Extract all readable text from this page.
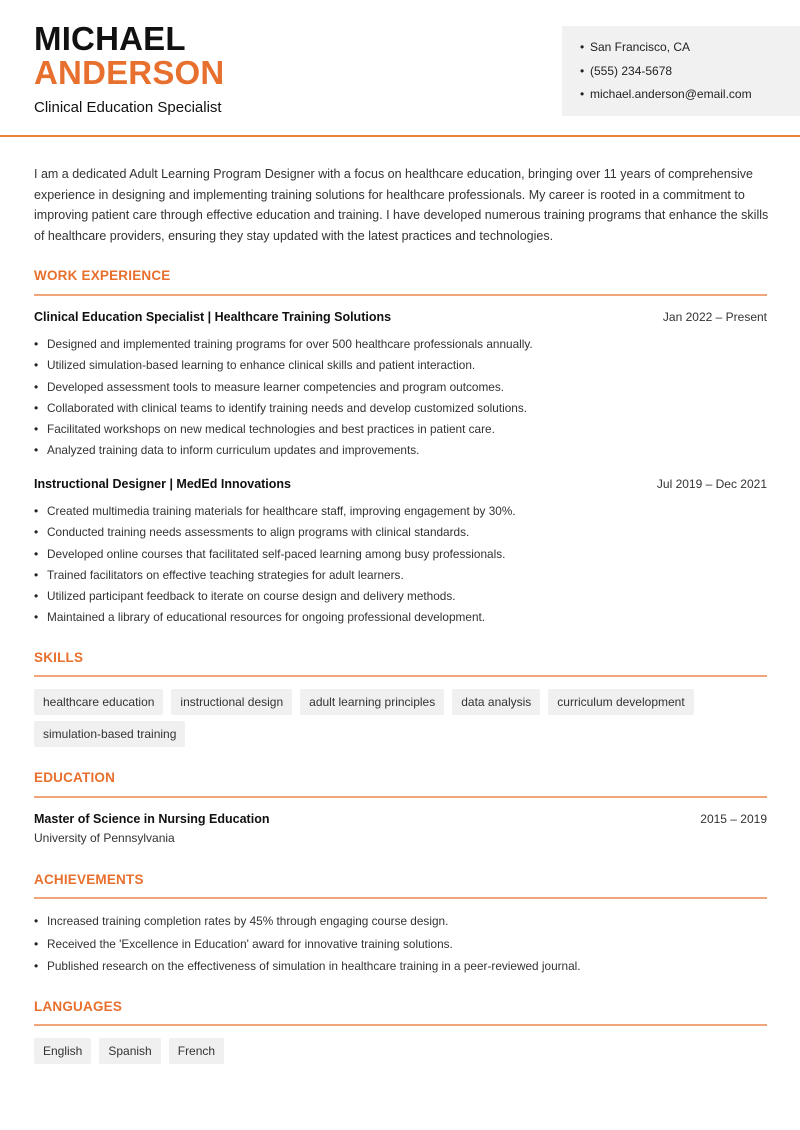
MICHAEL
ANDERSON
Clinical Education Specialist
• San Francisco, CA
• (555) 234-5678
• michael.anderson@email.com
I am a dedicated Adult Learning Program Designer with a focus on healthcare education, bringing over 11 years of comprehensive experience in designing and implementing training solutions for healthcare professionals. My career is rooted in a commitment to improving patient care through effective education and training. I have developed numerous training programs that enhance the skills of healthcare providers, ensuring they stay updated with the latest practices and technologies.
WORK EXPERIENCE
Clinical Education Specialist | Healthcare Training Solutions	Jan 2022 – Present
• Designed and implemented training programs for over 500 healthcare professionals annually.
• Utilized simulation-based learning to enhance clinical skills and patient interaction.
• Developed assessment tools to measure learner competencies and program outcomes.
• Collaborated with clinical teams to identify training needs and develop customized solutions.
• Facilitated workshops on new medical technologies and best practices in patient care.
• Analyzed training data to inform curriculum updates and improvements.
Instructional Designer | MedEd Innovations	Jul 2019 – Dec 2021
• Created multimedia training materials for healthcare staff, improving engagement by 30%.
• Conducted training needs assessments to align programs with clinical standards.
• Developed online courses that facilitated self-paced learning among busy professionals.
• Trained facilitators on effective teaching strategies for adult learners.
• Utilized participant feedback to iterate on course design and delivery methods.
• Maintained a library of educational resources for ongoing professional development.
SKILLS
healthcare education	instructional design	adult learning principles	data analysis	curriculum development
simulation-based training
EDUCATION
Master of Science in Nursing Education
University of Pennsylvania
2015 – 2019
ACHIEVEMENTS
• Increased training completion rates by 45% through engaging course design.
• Received the 'Excellence in Education' award for innovative training solutions.
• Published research on the effectiveness of simulation in healthcare training in a peer-reviewed journal.
LANGUAGES
English	Spanish	French
